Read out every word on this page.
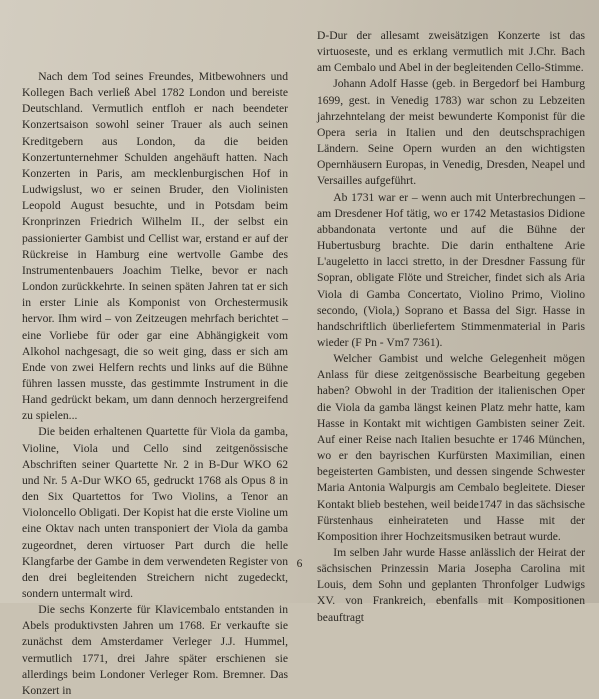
Nach dem Tod seines Freundes, Mitbewohners und Kollegen Bach verließ Abel 1782 London und bereiste Deutschland. Vermutlich entfloh er nach beendeter Konzertsaison sowohl seiner Trauer als auch seinen Kreditgebern aus London, da die beiden Konzertunternehmer Schulden angehäuft hatten. Nach Konzerten in Paris, am mecklenburgischen Hof in Ludwigslust, wo er seinen Bruder, den Violinisten Leopold August besuchte, und in Potsdam beim Kronprinzen Friedrich Wilhelm II., der selbst ein passionierter Gambist und Cellist war, erstand er auf der Rückreise in Hamburg eine wertvolle Gambe des Instrumentenbauers Joachim Tielke, bevor er nach London zurückkehrte. In seinen späten Jahren tat er sich in erster Linie als Komponist von Orchestermusik hervor. Ihm wird – von Zeitzeugen mehrfach berichtet – eine Vorliebe für oder gar eine Abhängigkeit vom Alkohol nachgesagt, die so weit ging, dass er sich am Ende von zwei Helfern rechts und links auf die Bühne führen lassen musste, das gestimmte Instrument in die Hand gedrückt bekam, um dann dennoch herzergreifend zu spielen...

Die beiden erhaltenen Quartette für Viola da gamba, Violine, Viola und Cello sind zeitgenössische Abschriften seiner Quartette Nr. 2 in B-Dur WKO 62 und Nr. 5 A-Dur WKO 65, gedruckt 1768 als Opus 8 in den Six Quartettos for Two Violins, a Tenor an Violoncello Obligati. Der Kopist hat die erste Violine um eine Oktav nach unten transponiert der Viola da gamba zugeordnet, deren virtuoser Part durch die helle Klangfarbe der Gambe in dem verwendeten Register von den drei begleitenden Streichern nicht zugedeckt, sondern untermalt wird.

Die sechs Konzerte für Klavicembalo entstanden in Abels produktivsten Jahren um 1768. Er verkaufte sie zunächst dem Amsterdamer Verleger J.J. Hummel, vermutlich 1771, drei Jahre später erschienen sie allerdings beim Londoner Verleger Rom. Bremner. Das Konzert in

D-Dur der allesamt zweisätzigen Konzerte ist das virtuoseste, und es erklang vermutlich mit J.Chr. Bach am Cembalo und Abel in der begleitenden Cello-Stimme.

Johann Adolf Hasse (geb. in Bergedorf bei Hamburg 1699, gest. in Venedig 1783) war schon zu Lebzeiten jahrzehntelang der meist bewunderte Komponist für die Opera seria in Italien und den deutschsprachigen Ländern. Seine Opern wurden an den wichtigsten Opernhäusern Europas, in Venedig, Dresden, Neapel und Versailles aufgeführt.

Ab 1731 war er – wenn auch mit Unterbrechungen – am Dresdener Hof tätig, wo er 1742 Metastasios Didione abbandonata vertonte und auf die Bühne der Hubertusburg brachte. Die darin enthaltene Arie L'augeletto in lacci stretto, in der Dresdner Fassung für Sopran, obligate Flöte und Streicher, findet sich als Aria Viola di Gamba Concertato, Violino Primo, Violino secondo, (Viola,) Soprano et Bassa del Sigr. Hasse in handschriftlich überliefertem Stimmenmaterial in Paris wieder (F Pn - Vm7 7361).

Welcher Gambist und welche Gelegenheit mögen Anlass für diese zeitgenössische Bearbeitung gegeben haben? Obwohl in der Tradition der italienischen Oper die Viola da gamba längst keinen Platz mehr hatte, kam Hasse in Kontakt mit wichtigen Gambisten seiner Zeit. Auf einer Reise nach Italien besuchte er 1746 München, wo er den bayrischen Kurfürsten Maximilian, einen begeisterten Gambisten, und dessen singende Schwester Maria Antonia Walpurgis am Cembalo begleitete. Dieser Kontakt blieb bestehen, weil beide1747 in das sächsische Fürstenhaus einheirateten und Hasse mit der Komposition ihrer Hochzeitsmusiken betraut wurde.

Im selben Jahr wurde Hasse anlässlich der Heirat der sächsischen Prinzessin Maria Josepha Carolina mit Louis, dem Sohn und geplanten Thronfolger Ludwigs XV. von Frankreich, ebenfalls mit Kompositionen beauftragt

6
